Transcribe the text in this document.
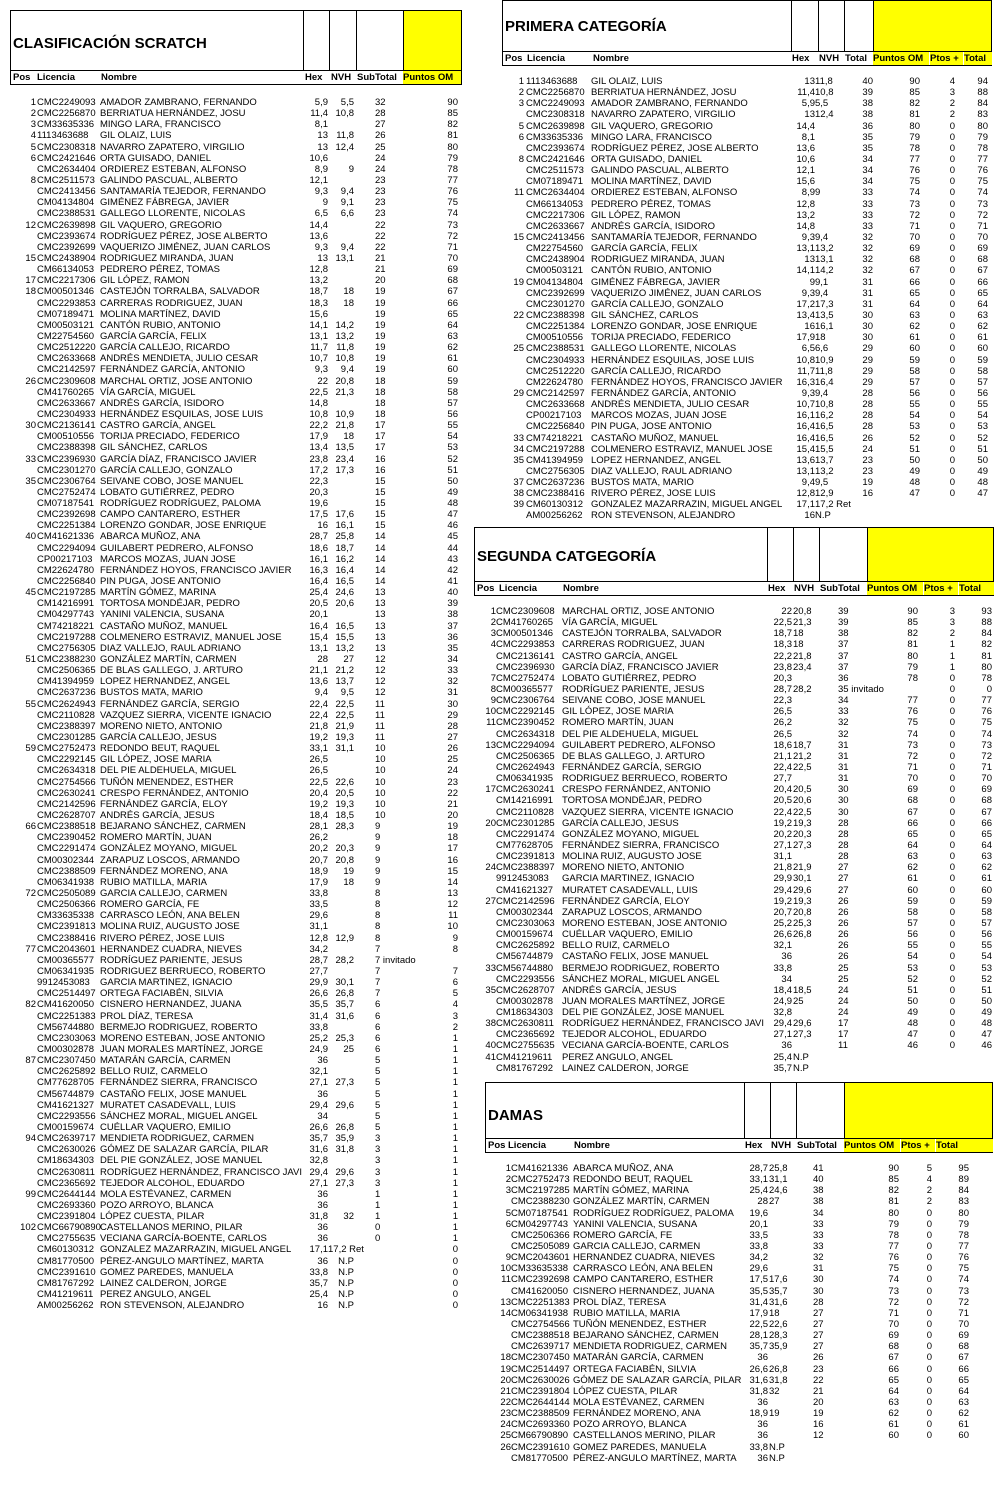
CLASIFICACIÓN SCRATCH
Pos Licencia	Nombre	Hex NVH SubTotal Puntos OM
1 CMC2249093 AMADOR ZAMBRANO, FERNANDO	5,9	5,5 32	90
2 CMC2256870 BERRIATUA HERNÁNDEZ, JOSU	11,4 10,8 28	85
3 CM33635336 MINGO LARA, FRANCISCO	8,1	27	82
4 1113463688	GIL OLAIZ, LUIS	13 11,8 26	81
5 CMC2308318 NAVARRO ZAPATERO, VIRGILIO	13 12,4 25	80
6 CMC2421646 ORTA GUISADO, DANIEL	10,6	24	79
CMC2634404 ORDIEREZ ESTEBAN, ALFONSO	8,9	9 24	78
8 CMC2511573 GALINDO PASCUAL, ALBERTO	12,1	23	77
CMC2413456 SANTAMARÍA TEJEDOR, FERNANDO	9,3	9,4 23	76
CM04134804 GIMÉNEZ FÁBREGA, JAVIER	9	9,1 23	75
CMC2388531 GALLEGO LLORENTE, NICOLAS	6,5	6,6 23	74
12 CMC2639898 GIL VAQUERO, GREGORIO	14,4	22	73
CMC2393674 RODRÍGUEZ PÉREZ, JOSE ALBERTO	13,6	22	72
CMC2392699 VAQUERIZO JIMÉNEZ, JUAN CARLOS	9,3	9,4 22	71
15 CMC2438904 RODRIGUEZ MIRANDA, JUAN	13 13,1 21	70
CM66134053 PEDRERO PÉREZ, TOMAS	12,8	21	69
17 CMC2217306 GIL LÓPEZ, RAMON	13,2	20	68
18 CM00501346 CASTEJÓN TORRALBA, SALVADOR	18,7	18 19	67
CMC2293853 CARRERAS RODRIGUEZ, JUAN	18,3	18 19	66
CM07189471 MOLINA MARTÍNEZ, DAVID	15,6	19	65
CM00503121 CANTÓN RUBIO, ANTONIO	14,1 14,2 19	64
CM22754560 GARCÍA GARCÍA, FELIX	13,1 13,2 19	63
CMC2512220 GARCÍA CALLEJO, RICARDO	11,7 11,8 19	62
CMC2633668 ANDRÉS MENDIETA, JULIO CESAR	10,7 10,8 19	61
CMC2142597 FERNÁNDEZ GARCÍA, ANTONIO	9,3	9,4 19	60
26 CMC2309608 MARCHAL ORTIZ, JOSE ANTONIO	22 20,8 18	59
CM41760265 VÍA GARCÍA, MIGUEL	22,5 21,3 18	58
CMC2633667 ANDRÉS GARCÍA, ISIDORO	14,8	18	57
CMC2304933 HERNÁNDEZ ESQUILAS, JOSE LUIS	10,8 10,9 18	56
30 CMC2136141 CASTRO GARCÍA, ANGEL	22,2 21,8 17	55
CM00510556 TORIJA PRECIADO, FEDERICO	17,9	18 17	54
CMC2388398 GIL SÁNCHEZ, CARLOS	13,4 13,5 17	53
33 CMC2396930 GARCÍA DÍAZ, FRANCISCO JAVIER	23,8 23,4 16	52
CMC2301270 GARCÍA CALLEJO, GONZALO	17,2 17,3 16	51
35 CMC2306764 SEIVANE COBO, JOSE MANUEL	22,3	15	50
CMC2752474 LOBATO GUTIÉRREZ, PEDRO	20,3	15	49
CM07187541 RODRÍGUEZ RODRÍGUEZ, PALOMA	19,6	15	48
CMC2392698 CAMPO CANTARERO, ESTHER	17,5 17,6 15	47
CMC2251384 LORENZO GONDAR, JOSE ENRIQUE	16 16,1 15	46
40 CM41621336 ABARCA MUÑOZ, ANA	28,7 25,8 14	45
CMC2294094 GUILABERT PEDRERO, ALFONSO	18,6 18,7 14	44
CP00217103 MARCOS MOZAS, JUAN JOSE	16,1 16,2 14	43
CM22624780 FERNÁNDEZ HOYOS, FRANCISCO JAVIER	16,3 16,4 14	42
CMC2256840 PIN PUGA, JOSE ANTONIO	16,4 16,5 14	41
45 CMC2197285 MARTÍN GÓMEZ, MARINA	25,4 24,6 13	40
CM14216991 TORTOSA MONDÉJAR, PEDRO	20,5 20,6 13	39
CM04297743 YANINI VALENCIA, SUSANA	20,1	13	38
CM74218221 CASTAÑO MUÑOZ, MANUEL	16,4 16,5 13	37
CMC2197288 COLMENERO ESTRAVIZ, MANUEL JOSE	15,4 15,5 13	36
CMC2756305 DIAZ VALLEJO, RAUL ADRIANO	13,1 13,2 13	35
51 CMC2388230 GONZÁLEZ MARTÍN, CARMEN	28	27 12	34
CMC2506365 DE BLAS GALLEGO, J. ARTURO	21,1 21,2 12	33
CM41394959 LOPEZ HERNANDEZ, ANGEL	13,6 13,7 12	32
CMC2637236 BUSTOS MATA, MARIO	9,4	9,5 12	31
55 CMC2624943 FERNÁNDEZ GARCÍA, SERGIO	22,4 22,5 11	30
CMC2110828 VAZQUEZ SIERRA, VICENTE IGNACIO	22,4 22,5 11	29
CMC2388397 MORENO NIETO, ANTONIO	21,8 21,9 11	28
CMC2301285 GARCÍA CALLEJO, JESUS	19,2 19,3 11	27
59 CMC2752473 REDONDO BEUT, RAQUEL	33,1 31,1 10	26
CMC2292145 GIL LÓPEZ, JOSE MARIA	26,5	10	25
CMC2634318 DEL PIE ALDEHUELA, MIGUEL	26,5	10	24
CMC2754566 TUÑÓN MENENDEZ, ESTHER	22,5 22,6 10	23
CMC2630241 CRESPO FERNÁNDEZ, ANTONIO	20,4 20,5 10	22
CMC2142596 FERNÁNDEZ GARCÍA, ELOY	19,2 19,3 10	21
CMC2628707 ANDRÉS GARCÍA, JESUS	18,4 18,5 10	20
66 CMC2388518 BEJARANO SÁNCHEZ, CARMEN	28,1 28,3 9	19
CMC2390452 ROMERO MARTÍN, JUAN	26,2	9	18
CMC2291474 GONZÁLEZ MOYANO, MIGUEL	20,2 20,3 9	17
CM00302344 ZARAPUZ LOSCOS, ARMANDO	20,7 20,8 9	16
CMC2388509 FERNÁNDEZ MORENO, ANA	18,9	19 9	15
CM06341938 RUBIO MATILLA, MARIA	17,9	18 9	14
72 CMC2505089 GARCIA CALLEJO, CARMEN	33,8	8	13
CMC2506366 ROMERO GARCÍA, FE	33,5	8	12
CM33635338 CARRASCO LEÓN, ANA BELEN	29,6	8	11
CMC2391813 MOLINA RUIZ, AUGUSTO JOSE	31,1	8	10
CMC2388416 RIVERO PÉREZ, JOSE LUIS	12,8 12,9 8	9
77 CMC2043601 HERNANDEZ CUADRA, NIEVES	34,2	7	8
CM00365577 RODRÍGUEZ PARIENTE, JESUS	28,7 28,2 7 invitado
CM06341935 RODRIGUEZ BERRUECO, ROBERTO	27,7	7	7
9912453083	GARCIA MARTINEZ, IGNACIO	29,9 30,1 7	6
CMC2514497 ORTEGA FACIABÉN, SILVIA	26,6 26,8 7	5
82 CM41620050 CISNERO HERNANDEZ, JUANA	35,5 35,7 6	4
CMC2251383 PROL DÍAZ, TERESA	31,4 31,6 6	3
CM56744880 BERMEJO RODRIGUEZ, ROBERTO	33,8	6	2
CMC2303063 MORENO ESTEBAN, JOSE ANTONIO	25,2 25,3 6	1
CM00302878 JUAN MORALES MARTÍNEZ, JORGE	24,9	25 6	1
87 CMC2307450 MATARÁN GARCÍA, CARMEN	36	5	1
CMC2625892 BELLO RUIZ, CARMELO	32,1	5	1
CM77628705 FERNÁNDEZ SIERRA, FRANCISCO	27,1 27,3 5	1
CM56744879 CASTAÑO FELIX, JOSE MANUEL	36	5	1
CM41621327 MURATET CASADEVALL, LUIS	29,4 29,6 5	1
CMC2293556 SÁNCHEZ MORAL, MIGUEL ANGEL	34	5	1
CM00159674 CUÉLLAR VAQUERO, EMILIO	26,6 26,8 5	1
94 CMC2639717 MENDIETA RODRIGUEZ, CARMEN	35,7 35,9 3	1
CMC2630026 GÓMEZ DE SALAZAR GARCÍA, PILAR	31,6 31,8 3	1
CM18634303 DEL PIE GONZÁLEZ, JOSE MANUEL	32,8	3	1
CMC2630811 RODRÍGUEZ HERNÁNDEZ, FRANCISCO JAVI 29,4 29,6 3	1
CMC2365692 TEJEDOR ALCOHOL, EDUARDO	27,1 27,3 3	1
99 CMC2644144 MOLA ESTÉVANEZ, CARMEN	36	1	1
CMC2693360 POZO ARROYO, BLANCA	36	1	1
CMC2391804 LÓPEZ CUESTA, PILAR	31,8	32 1	1
102 CMC66790890 CASTELLANOS MERINO, PILAR	36	0	1
CMC2755635 VECIANA GARCÍA-BOENTE, CARLOS	36	0	1
CM60130312 GONZALEZ MAZARRAZIN, MIGUEL ANGEL	17,1 17,2 Ret	0
CM81770500 PÉREZ-ANGULO MARTÍNEZ, MARTA	36	N.P	0
CMC2391610 GOMEZ PAREDES, MANUELA	33,8	N.P	0
CM81767292 LAINEZ CALDERON, JORGE	35,7	N.P	0
CM41219611 PEREZ ANGULO, ANGEL	25,4	N.P	0
AM00256262 RON STEVENSON, ALEJANDRO	16	N.P	0
PRIMERA CATEGORÍA
Pos Licencia	Nombre	Hex	NVH Total Puntos OM Ptos + Total
1 1113463688	GIL OLAIZ, LUIS	13 11,8	40	90	4	94
2 CMC2256870 BERRIATUA HERNÁNDEZ, JOSU	11,4 10,8	39	85	3	88
3 CMC2249093 AMADOR ZAMBRANO, FERNANDO	5,9 5,5	38	82	2	84
CMC2308318 NAVARRO ZAPATERO, VIRGILIO	13 12,4	38	81	2	83
5 CMC2639898 GIL VAQUERO, GREGORIO	14,4	36	80	0	80
6 CM33635336 MINGO LARA, FRANCISCO	8,1	35	79	0	79
CMC2393674 RODRÍGUEZ PÉREZ, JOSE ALBERTO	13,6	35	78	0	78
8 CMC2421646 ORTA GUISADO, DANIEL	10,6	34	77	0	77
CMC2511573 GALINDO PASCUAL, ALBERTO	12,1	34	76	0	76
CM07189471 MOLINA MARTÍNEZ, DAVID	15,6	34	75	0	75
11 CMC2634404 ORDIEREZ ESTEBAN, ALFONSO	8,9 9	33	74	0	74
CM66134053 PEDRERO PÉREZ, TOMAS	12,8	33	73	0	73
CMC2217306 GIL LÓPEZ, RAMON	13,2	33	72	0	72
CMC2633667 ANDRÉS GARCÍA, ISIDORO	14,8	33	71	0	71
15 CMC2413456 SANTAMARÍA TEJEDOR, FERNANDO	9,3 9,4	32	70	0	70
CM22754560 GARCÍA GARCÍA, FELIX	13,1 13,2	32	69	0	69
CMC2438904 RODRIGUEZ MIRANDA, JUAN	13 13,1	32	68	0	68
CM00503121 CANTÓN RUBIO, ANTONIO	14,1 14,2	32	67	0	67
19 CM04134804 GIMÉNEZ FÁBREGA, JAVIER	9 9,1	31	66	0	66
CMC2392699 VAQUERIZO JIMÉNEZ, JUAN CARLOS	9,3 9,4	31	65	0	65
CMC2301270 GARCÍA CALLEJO, GONZALO	17,2 17,3	31	64	0	64
22 CMC2388398 GIL SÁNCHEZ, CARLOS	13,4 13,5	30	63	0	63
CMC2251384 LORENZO GONDAR, JOSE ENRIQUE	16 16,1	30	62	0	62
CM00510556 TORIJA PRECIADO, FEDERICO	17,9 18	30	61	0	61
25 CMC2388531 GALLEGO LLORENTE, NICOLAS	6,5 6,6	29	60	0	60
CMC2304933 HERNÁNDEZ ESQUILAS, JOSE LUIS	10,8 10,9	29	59	0	59
CMC2512220 GARCÍA CALLEJO, RICARDO	11,7 11,8	29	58	0	58
CM22624780 FERNÁNDEZ HOYOS, FRANCISCO JAVIER	16,3 16,4	29	57	0	57
29 CMC2142597 FERNÁNDEZ GARCÍA, ANTONIO	9,3 9,4	28	56	0	56
CMC2633668 ANDRÉS MENDIETA, JULIO CESAR	10,7 10,8	28	55	0	55
CP00217103	MARCOS MOZAS, JUAN JOSE	16,1 16,2	28	54	0	54
CMC2256840 PIN PUGA, JOSE ANTONIO	16,4 16,5	28	53	0	53
33 CM74218221 CASTAÑO MUÑOZ, MANUEL	16,4 16,5	26	52	0	52
34 CMC2197288 COLMENERO ESTRAVIZ, MANUEL JOSE	15,4 15,5	24	51	0	51
35 CM41394959 LOPEZ HERNANDEZ, ANGEL	13,6 13,7	23	50	0	50
CMC2756305 DIAZ VALLEJO, RAUL ADRIANO	13,1 13,2	23	49	0	49
37 CMC2637236 BUSTOS MATA, MARIO	9,4 9,5	19	48	0	48
38 CMC2388416 RIVERO PÉREZ, JOSE LUIS	12,8 12,9	16	47	0	47
39 CM60130312 GONZALEZ MAZARRAZIN, MIGUEL ANGEL	17,1 17,2 Ret
AM00256262 RON STEVENSON, ALEJANDRO	16 N.P
SEGUNDA CATGEGORÍA
Pos Licencia	Nombre	Hex NVH SubTotal Puntos OM Ptos + Total
1 CMC2309608 MARCHAL ORTIZ, JOSE ANTONIO	22 20,8	39	90	3	93
2 CM41760265 VÍA GARCÍA, MIGUEL	22,5 21,3	39	85	3	88
3 CM00501346 CASTEJÓN TORRALBA, SALVADOR	18,7 18	38	82	2	84
4 CMC2293853 CARRERAS RODRIGUEZ, JUAN	18,3 18	37	81	1	82
CMC2136141 CASTRO GARCÍA, ANGEL	22,2 21,8	37	80	1	81
CMC2396930 GARCÍA DÍAZ, FRANCISCO JAVIER	23,8 23,4	37	79	1	80
7 CMC2752474 LOBATO GUTIÉRREZ, PEDRO	20,3	36	78	0	78
8 CM00365577 RODRÍGUEZ PARIENTE, JESUS	28,7 28,2	35 invitado	0	0
9 CMC2306764 SEIVANE COBO, JOSE MANUEL	22,3	34	77	0	77
10 CMC2292145 GIL LÓPEZ, JOSE MARIA	26,5	33	76	0	76
11 CMC2390452 ROMERO MARTÍN, JUAN	26,2	32	75	0	75
CMC2634318 DEL PIE ALDEHUELA, MIGUEL	26,5	32	74	0	74
13 CMC2294094 GUILABERT PEDRERO, ALFONSO	18,6 18,7	31	73	0	73
CMC2506365 DE BLAS GALLEGO, J. ARTURO	21,1 21,2	31	72	0	72
CMC2624943 FERNÁNDEZ GARCÍA, SERGIO	22,4 22,5	31	71	0	71
CM06341935 RODRIGUEZ BERRUECO, ROBERTO	27,7	31	70	0	70
17 CMC2630241 CRESPO FERNÁNDEZ, ANTONIO	20,4 20,5	30	69	0	69
CM14216991 TORTOSA MONDÉJAR, PEDRO	20,5 20,6	30	68	0	68
CMC2110828 VAZQUEZ SIERRA, VICENTE IGNACIO	22,4 22,5	30	67	0	67
20 CMC2301285 GARCÍA CALLEJO, JESUS	19,2 19,3	28	66	0	66
CMC2291474 GONZÁLEZ MOYANO, MIGUEL	20,2 20,3	28	65	0	65
CM77628705 FERNÁNDEZ SIERRA, FRANCISCO	27,1 27,3	28	64	0	64
CMC2391813 MOLINA RUIZ, AUGUSTO JOSE	31,1	28	63	0	63
24 CMC2388397 MORENO NIETO, ANTONIO	21,8 21,9	27	62	0	62
9912453083	GARCIA MARTINEZ, IGNACIO	29,9 30,1	27	61	0	61
CM41621327 MURATET CASADEVALL, LUIS	29,4 29,6	27	60	0	60
27 CMC2142596 FERNÁNDEZ GARCÍA, ELOY	19,2 19,3	26	59	0	59
CM00302344 ZARAPUZ LOSCOS, ARMANDO	20,7 20,8	26	58	0	58
CMC2303063 MORENO ESTEBAN, JOSE ANTONIO	25,2 25,3	26	57	0	57
CM00159674 CUÉLLAR VAQUERO, EMILIO	26,6 26,8	26	56	0	56
CMC2625892 BELLO RUIZ, CARMELO	32,1	26	55	0	55
CM56744879 CASTAÑO FELIX, JOSE MANUEL	36	26	54	0	54
33 CM56744880 BERMEJO RODRIGUEZ, ROBERTO	33,8	25	53	0	53
CMC2293556 SÁNCHEZ MORAL, MIGUEL ANGEL	34	25	52	0	52
35 CMC2628707 ANDRÉS GARCÍA, JESUS	18,4 18,5	24	51	0	51
CM00302878 JUAN MORALES MARTÍNEZ, JORGE	24,9 25	24	50	0	50
CM18634303 DEL PIE GONZÁLEZ, JOSE MANUEL	32,8	24	49	0	49
38 CMC2630811 RODRÍGUEZ HERNÁNDEZ, FRANCISCO JAVI	29,4 29,6	17	48	0	48
CMC2365692 TEJEDOR ALCOHOL, EDUARDO	27,1 27,3	17	47	0	47
40 CMC2755635 VECIANA GARCÍA-BOENTE, CARLOS	36	11	46	0	46
41 CM41219611	PEREZ ANGULO, ANGEL	25,4 N.P
CM81767292 LAINEZ CALDERON, JORGE	35,7 N.P
DAMAS
Pos Licencia	Nombre	Hex NVH SubTotal Puntos OM Ptos + Total
1 CM41621336 ABARCA MUÑOZ, ANA	28,7 25,8	41	90	5	95
2 CMC2752473 REDONDO BEUT, RAQUEL	33,1 31,1	40	85	4	89
3 CMC2197285 MARTÍN GÓMEZ, MARINA	25,4 24,6	38	82	2	84
CMC2388230 GONZÁLEZ MARTÍN, CARMEN	28 27	38	81	2	83
5 CM07187541 RODRÍGUEZ RODRÍGUEZ, PALOMA	19,6	34	80	0	80
6 CM04297743 YANINI VALENCIA, SUSANA	20,1	33	79	0	79
CMC2506366 ROMERO GARCÍA, FE	33,5	33	78	0	78
CMC2505089 GARCIA CALLEJO, CARMEN	33,8	33	77	0	77
9 CMC2043601 HERNANDEZ CUADRA, NIEVES	34,2	32	76	0	76
10 CM33635338 CARRASCO LEÓN, ANA BELEN	29,6	31	75	0	75
11 CMC2392698 CAMPO CANTARERO, ESTHER	17,5 17,6	30	74	0	74
CM41620050 CISNERO HERNANDEZ, JUANA	35,5 35,7	30	73	0	73
13 CMC2251383 PROL DÍAZ, TERESA	31,4 31,6	28	72	0	72
14 CM06341938 RUBIO MATILLA, MARIA	17,9 18	27	71	0	71
CMC2754566 TUÑÓN MENENDEZ, ESTHER	22,5 22,6	27	70	0	70
CMC2388518 BEJARANO SÁNCHEZ, CARMEN	28,1 28,3	27	69	0	69
CMC2639717 MENDIETA RODRIGUEZ, CARMEN	35,7 35,9	27	68	0	68
18 CMC2307450 MATARÁN GARCÍA, CARMEN	36	26	67	0	67
19 CMC2514497 ORTEGA FACIABÉN, SILVIA	26,6 26,8	23	66	0	66
20 CMC2630026 GÓMEZ DE SALAZAR GARCÍA, PILAR 31,6 31,8	22	65	0	65
21 CMC2391804 LÓPEZ CUESTA, PILAR	31,8 32	21	64	0	64
22 CMC2644144 MOLA ESTÉVANEZ, CARMEN	36	20	63	0	63
23 CMC2388509 FERNÁNDEZ MORENO, ANA	18,9 19	19	62	0	62
24 CMC2693360 POZO ARROYO, BLANCA	36	16	61	0	61
25 CM66790890 CASTELLANOS MERINO, PILAR	36	12	60	0	60
26 CMC2391610 GOMEZ PAREDES, MANUELA	33,8 N.P
CM81770500 PÉREZ-ANGULO MARTÍNEZ, MARTA	36 N.P
